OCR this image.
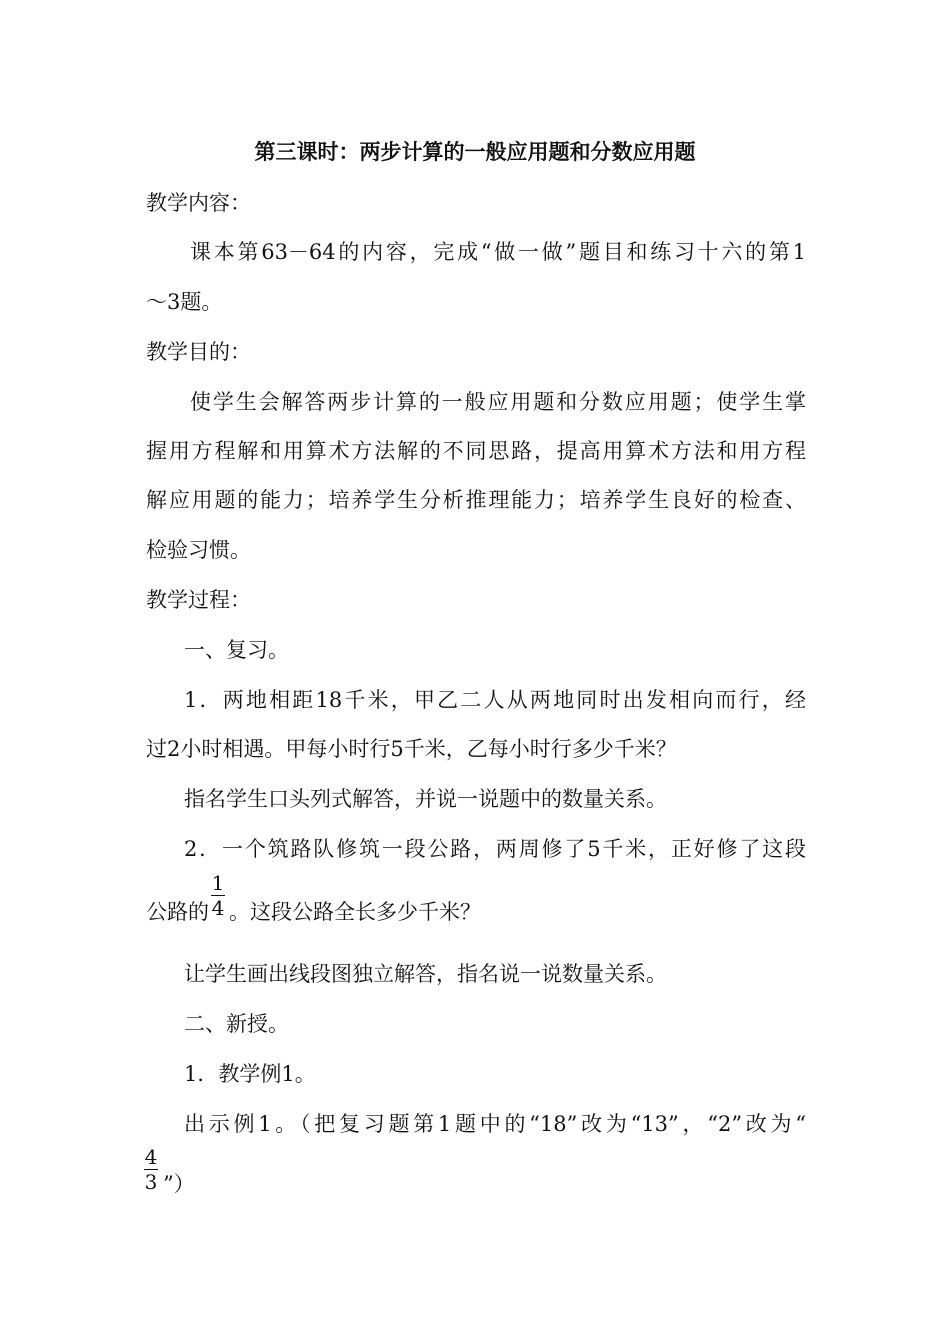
第三课时：两步计算的一般应用题和分数应用题
教学内容：
课本第63－64的内容，完成“做一做”题目和练习十六的第1
～3题。
教学目的：
使学生会解答两步计算的一般应用题和分数应用题；使学生掌
握用方程解和用算术方法解的不同思路，提高用算术方法和用方程
解应用题的能力；培养学生分析推理能力；培养学生良好的检查、
检验习惯。
教学过程：
一、复习。
1．两地相距18千米，甲乙二人从两地同时出发相向而行，经
过2小时相遇。甲每小时行5千米，乙每小时行多少千米？
指名学生口头列式解答，并说一说题中的数量关系。
2．一个筑路队修筑一段公路，两周修了5千米，正好修了这段
公路的
1
4 。这段公路全长多少千米？
让学生画出线段图独立解答，指名说一说数量关系。
二、新授。
1．教学例1。
出示例1。（把复习题第1题中的“18”改为“13”，“2”改为“
4
3 ”）
